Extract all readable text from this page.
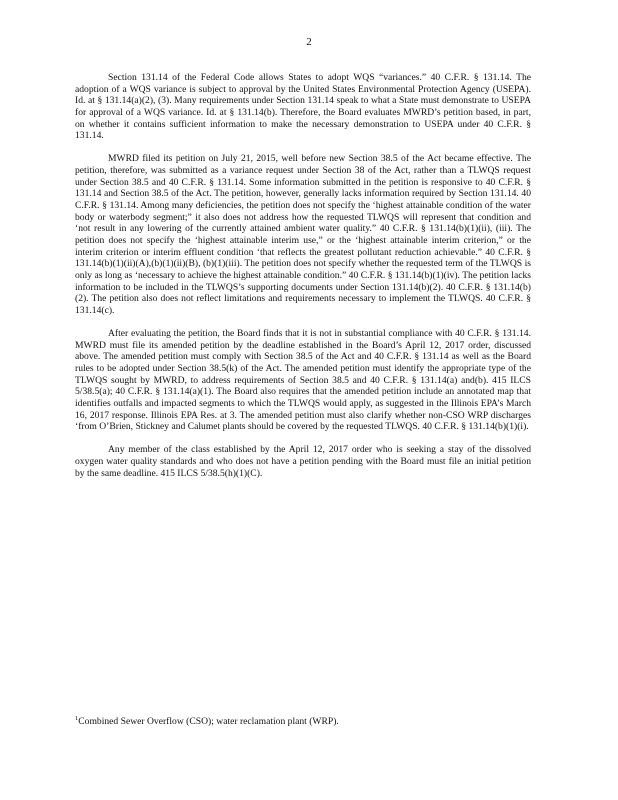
2

Section 131.14 of the Federal Code allows States to adopt WQS “variances.” 40 C.F.R. § 131.14. The adoption of a WQS variance is subject to approval by the United States Environmental Protection Agency (USEPA). Id. at § 131.14(a)(2), (3). Many requirements under Section 131.14 speak to what a State must demonstrate to USEPA for approval of a WQS variance. Id. at § 131.14(b). Therefore, the Board evaluates MWRD’s petition based, in part, on whether it contains sufficient information to make the necessary demonstration to USEPA under 40 C.F.R. § 131.14.

MWRD filed its petition on July 21, 2015, well before new Section 38.5 of the Act became effective. The petition, therefore, was submitted as a variance request under Section 38 of the Act, rather than a TLWQS request under Section 38.5 and 40 C.F.R. § 131.14. Some information submitted in the petition is responsive to 40 C.F.R. § 131.14 and Section 38.5 of the Act. The petition, however, generally lacks information required by Section 131.14. 40 C.F.R. § 131.14. Among many deficiencies, the petition does not specify the ‘highest attainable condition of the water body or waterbody segment;” it also does not address how the requested TLWQS will represent that condition and ‘not result in any lowering of the currently attained ambient water quality.” 40 C.F.R. § 131.14(b)(1)(ii), (iii). The petition does not specify the ‘highest attainable interim use,” or the ‘highest attainable interim criterion,” or the interim criterion or interim effluent condition ‘that reflects the greatest pollutant reduction achievable.” 40 C.F.R. § 131.14(b)(1)(ii)(A),(b)(1)(ii)(B), (b)(1)(iii). The petition does not specify whether the requested term of the TLWQS is only as long as ‘necessary to achieve the highest attainable condition.” 40 C.F.R. § 131.14(b)(1)(iv). The petition lacks information to be included in the TLWQS’s supporting documents under Section 131.14(b)(2). 40 C.F.R. § 131.14(b)(2). The petition also does not reflect limitations and requirements necessary to implement the TLWQS. 40 C.F.R. § 131.14(c).

After evaluating the petition, the Board finds that it is not in substantial compliance with 40 C.F.R. § 131.14. MWRD must file its amended petition by the deadline established in the Board’s April 12, 2017 order, discussed above. The amended petition must comply with Section 38.5 of the Act and 40 C.F.R. § 131.14 as well as the Board rules to be adopted under Section 38.5(k) of the Act. The amended petition must identify the appropriate type of the TLWQS sought by MWRD, to address requirements of Section 38.5 and 40 C.F.R. § 131.14(a) and(b). 415 ILCS 5/38.5(a); 40 C.F.R. § 131.14(a)(1). The Board also requires that the amended petition include an annotated map that identifies outfalls and impacted segments to which the TLWQS would apply, as suggested in the Illinois EPA’s March 16, 2017 response. Illinois EPA Res. at 3. The amended petition must also clarify whether non-CSO WRP discharges ‘from O’Brien, Stickney and Calumet plants should be covered by the requested TLWQS. 40 C.F.R. § 131.14(b)(1)(i).

Any member of the class established by the April 12, 2017 order who is seeking a stay of the dissolved oxygen water quality standards and who does not have a petition pending with the Board must file an initial petition by the same deadline. 415 ILCS 5/38.5(h)(1)(C).

$^1$Combined Sewer Overflow (CSO); water reclamation plant (WRP).
